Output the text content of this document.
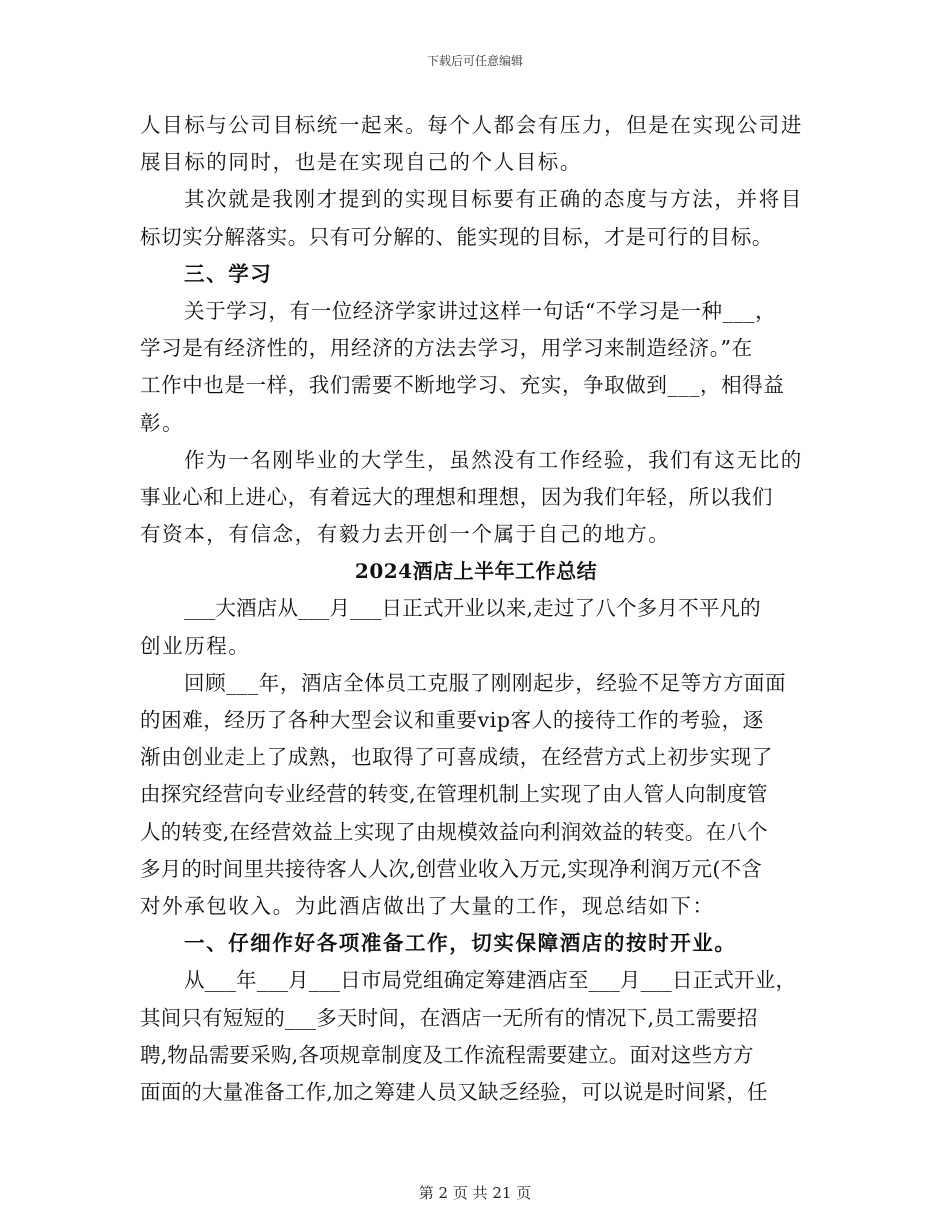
下载后可任意编辑
人目标与公司目标统一起来。每个人都会有压力，但是在实现公司进
展目标的同时，也是在实现自己的个人目标。
其次就是我刚才提到的实现目标要有正确的态度与方法，并将目
标切实分解落实。只有可分解的、能实现的目标，才是可行的目标。
三、学习
关于学习，有一位经济学家讲过这样一句话“不学习是一种___，
学习是有经济性的，用经济的方法去学习，用学习来制造经济。”在
工作中也是一样，我们需要不断地学习、充实，争取做到___，相得益
彰。
作为一名刚毕业的大学生，虽然没有工作经验，我们有这无比的
事业心和上进心，有着远大的理想和理想，因为我们年轻，所以我们
有资本，有信念，有毅力去开创一个属于自己的地方。
2024酒店上半年工作总结
___大酒店从___月___日正式开业以来,走过了八个多月不平凡的
创业历程。
回顾___年，酒店全体员工克服了刚刚起步，经验不足等方方面面
的困难，经历了各种大型会议和重要vip客人的接待工作的考验，逐
渐由创业走上了成熟，也取得了可喜成绩，在经营方式上初步实现了
由探究经营向专业经营的转变,在管理机制上实现了由人管人向制度管
人的转变,在经营效益上实现了由规模效益向利润效益的转变。在八个
多月的时间里共接待客人人次,创营业收入万元,实现净利润万元(不含
对外承包收入。为此酒店做出了大量的工作，现总结如下：
一、仔细作好各项准备工作，切实保障酒店的按时开业。
从___年___月___日市局党组确定筹建酒店至___月___日正式开业，
其间只有短短的___多天时间，在酒店一无所有的情况下,员工需要招
聘,物品需要采购,各项规章制度及工作流程需要建立。面对这些方方
面面的大量准备工作,加之筹建人员又缺乏经验，可以说是时间紧，任
第 2 页 共 21 页
